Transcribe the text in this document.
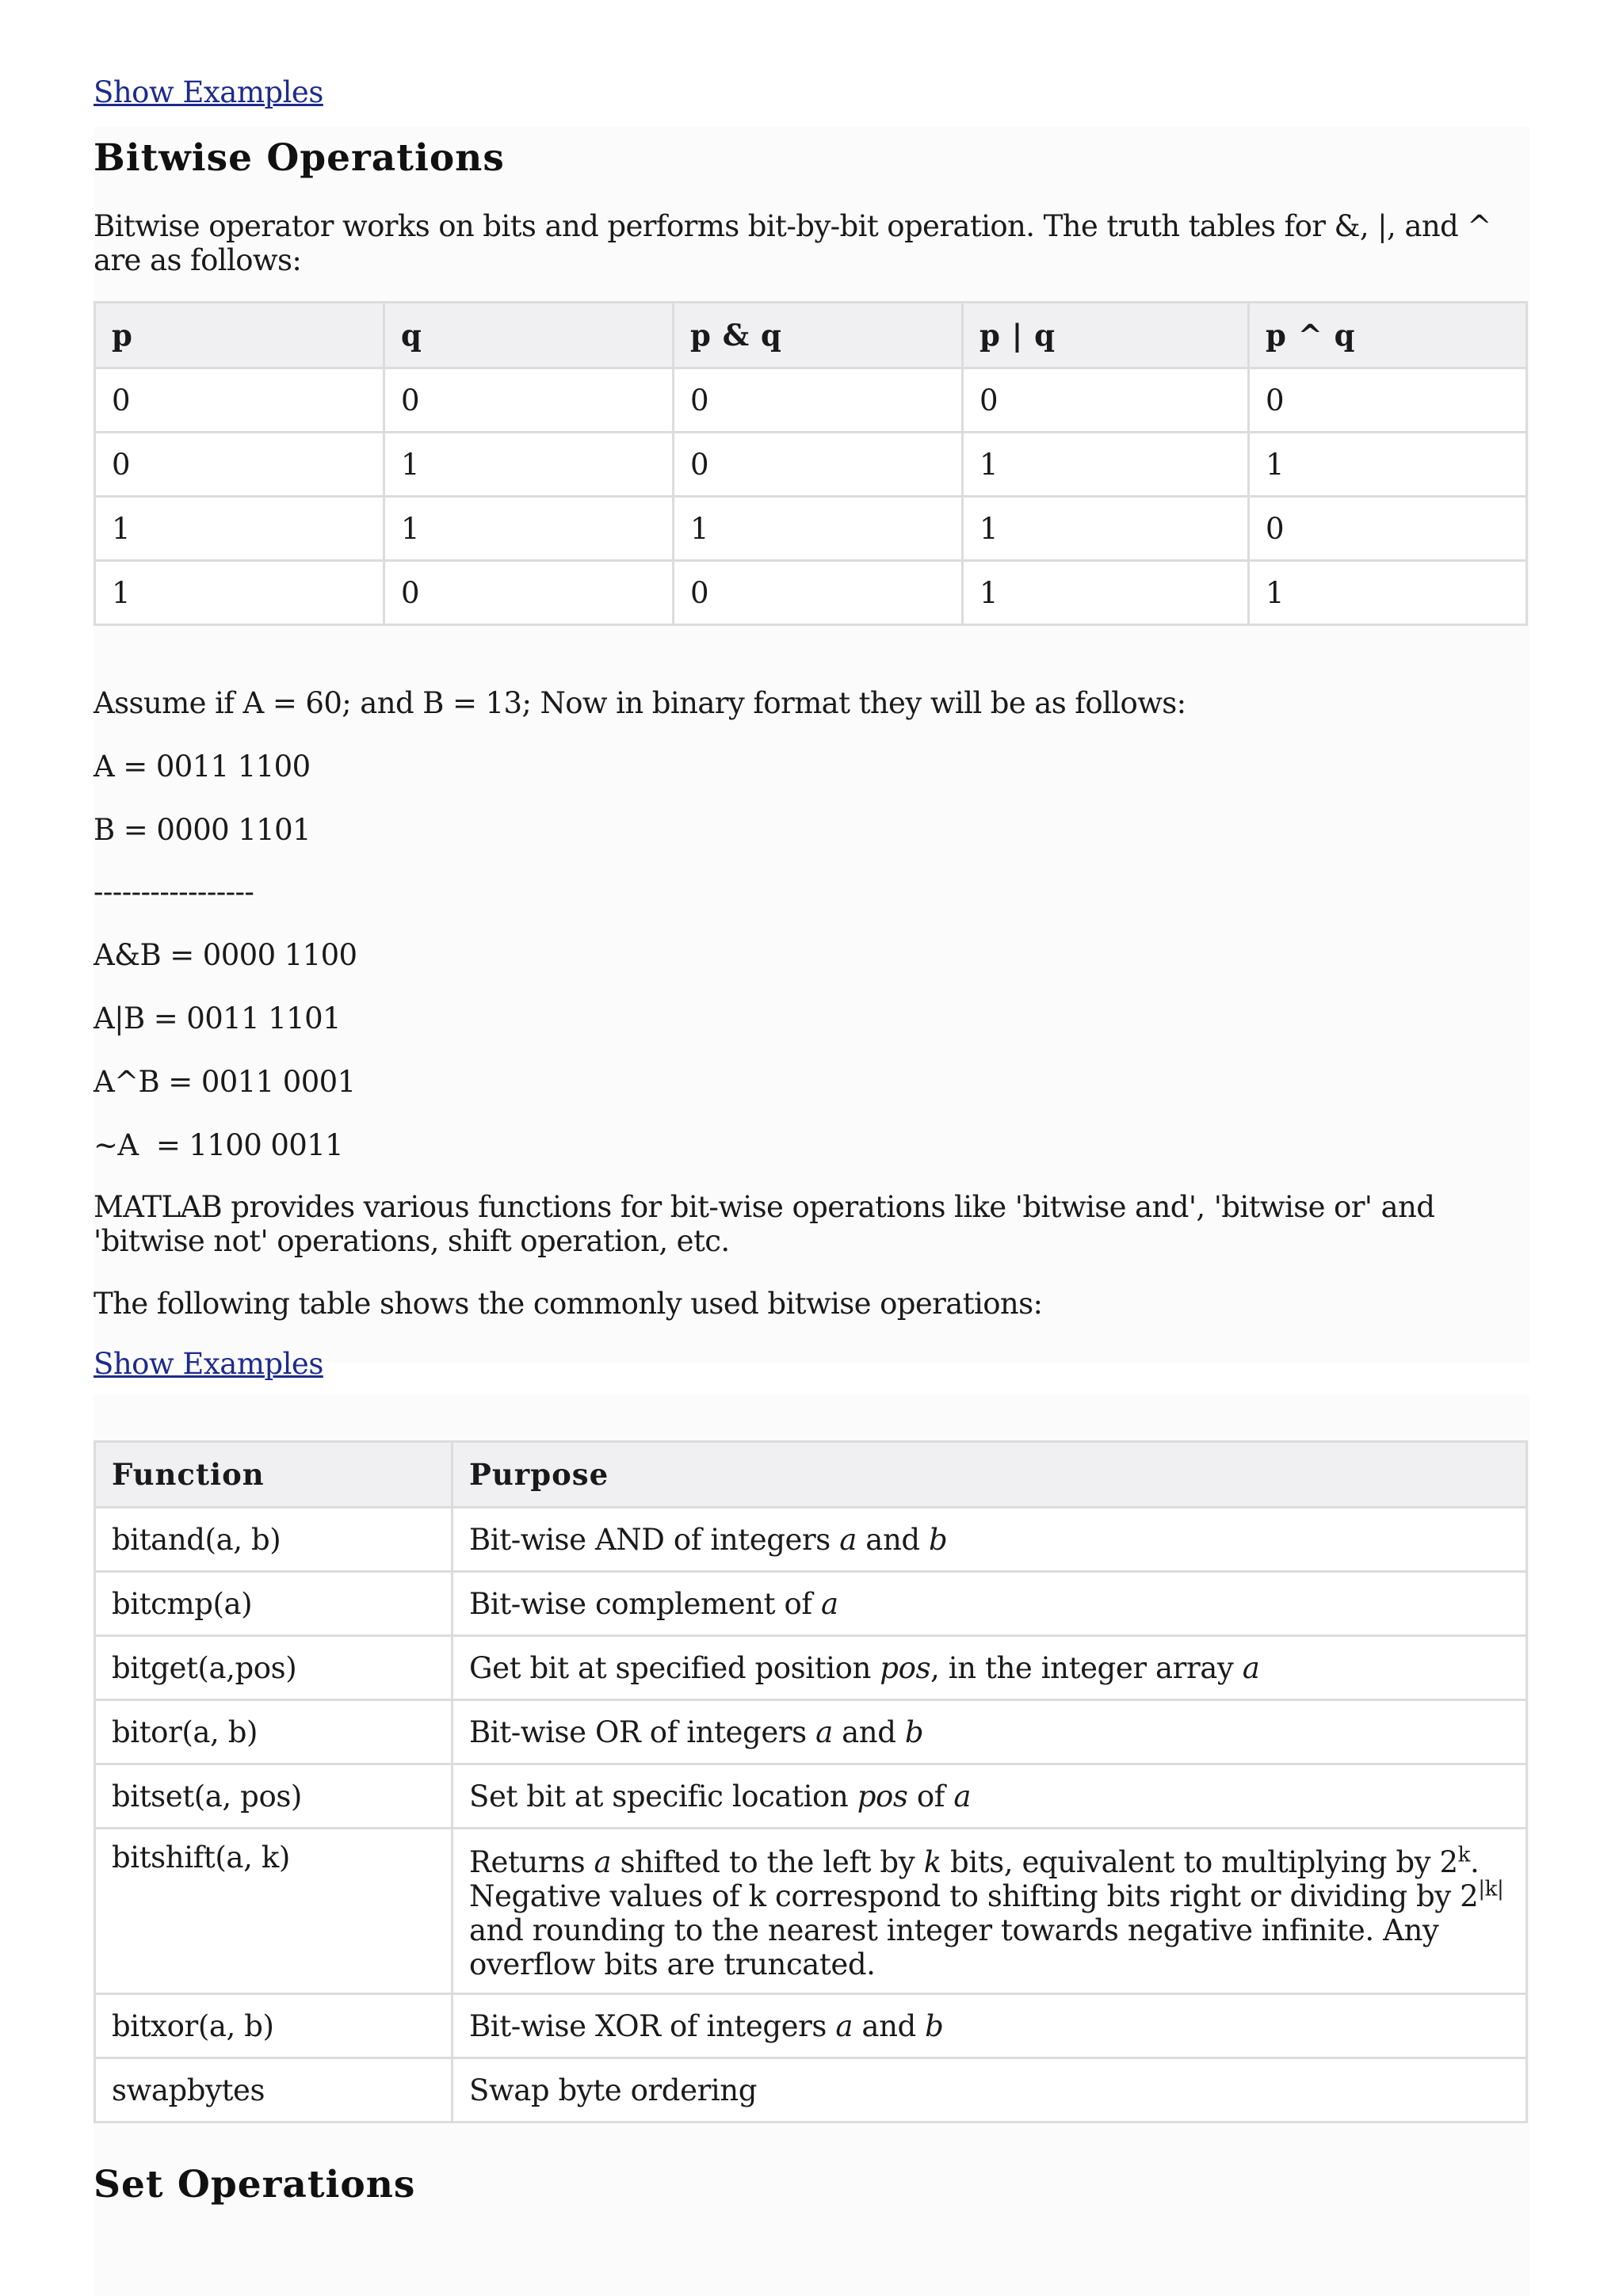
Show Examples
Bitwise Operations
Bitwise operator works on bits and performs bit-by-bit operation. The truth tables for &, |, and ^ are as follows:
p	q	p & q	p | q	p ^ q
0	0	0	0	0
0	1	0	1	1
1	1	1	1	0
1	0	0	1	1
Assume if A = 60; and B = 13; Now in binary format they will be as follows:
A = 0011 1100
B = 0000 1101
-----------------
A&B = 0000 1100
A|B = 0011 1101
A^B = 0011 0001
~A  = 1100 0011
MATLAB provides various functions for bit-wise operations like 'bitwise and', 'bitwise or' and 'bitwise not' operations, shift operation, etc.
The following table shows the commonly used bitwise operations:
Show Examples
Function	Purpose
bitand(a, b)	Bit-wise AND of integers a and b
bitcmp(a)	Bit-wise complement of a
bitget(a,pos)	Get bit at specified position pos, in the integer array a
bitor(a, b)	Bit-wise OR of integers a and b
bitset(a, pos)	Set bit at specific location pos of a
bitshift(a, k)	Returns a shifted to the left by k bits, equivalent to multiplying by 2$^k$. Negative values of k correspond to shifting bits right or dividing by $2^{|k|}$ and rounding to the nearest integer towards negative infinite. Any overflow bits are truncated.
bitxor(a, b)	Bit-wise XOR of integers a and b
swapbytes	Swap byte ordering
Set Operations
